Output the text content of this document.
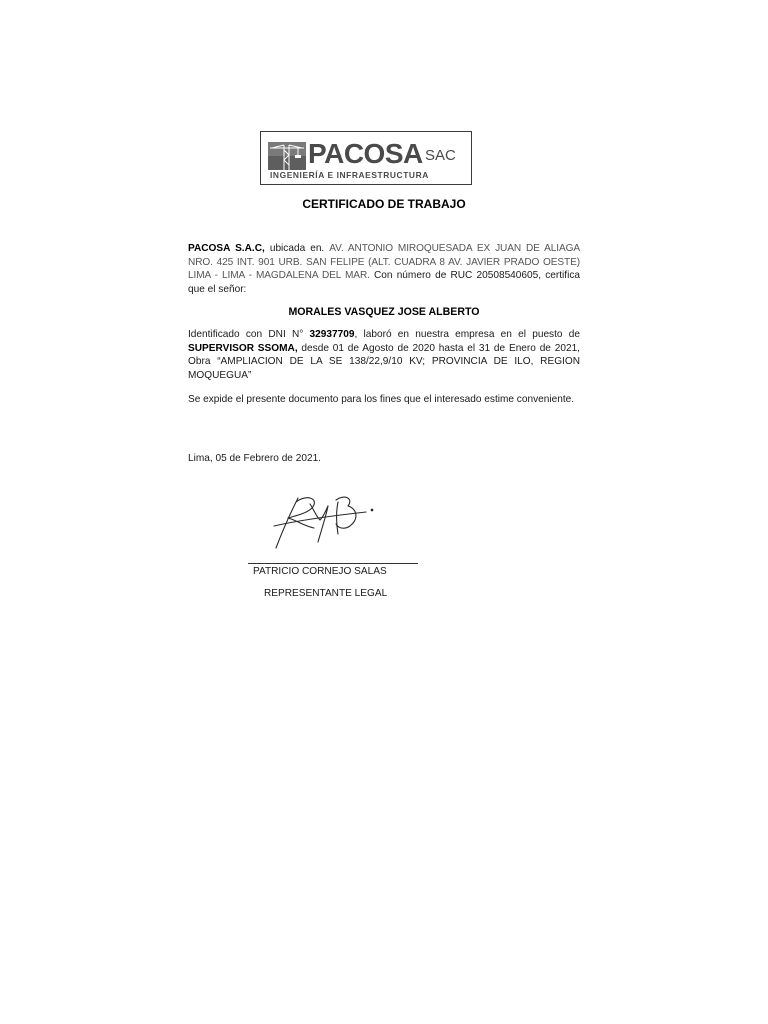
PACOSA SAC
INGENIERÍA E INFRAESTRUCTURA
CERTIFICADO DE TRABAJO
PACOSA S.A.C, ubicada en. AV. ANTONIO MIROQUESADA EX JUAN DE ALIAGA NRO. 425 INT. 901 URB. SAN FELIPE (ALT. CUADRA 8 AV. JAVIER PRADO OESTE) LIMA - LIMA - MAGDALENA DEL MAR. Con número de RUC 20508540605, certifica que el señor:
MORALES VASQUEZ JOSE ALBERTO
Identificado con DNI N° 32937709, laboró en nuestra empresa en el puesto de SUPERVISOR SSOMA, desde 01 de Agosto de 2020 hasta el 31 de Enero de 2021, Obra “AMPLIACION DE LA SE 138/22,9/10 KV; PROVINCIA DE ILO, REGION MOQUEGUA”
Se expide el presente documento para los fines que el interesado estime conveniente.
Lima, 05 de Febrero de 2021.
PATRICIO CORNEJO SALAS
REPRESENTANTE LEGAL
